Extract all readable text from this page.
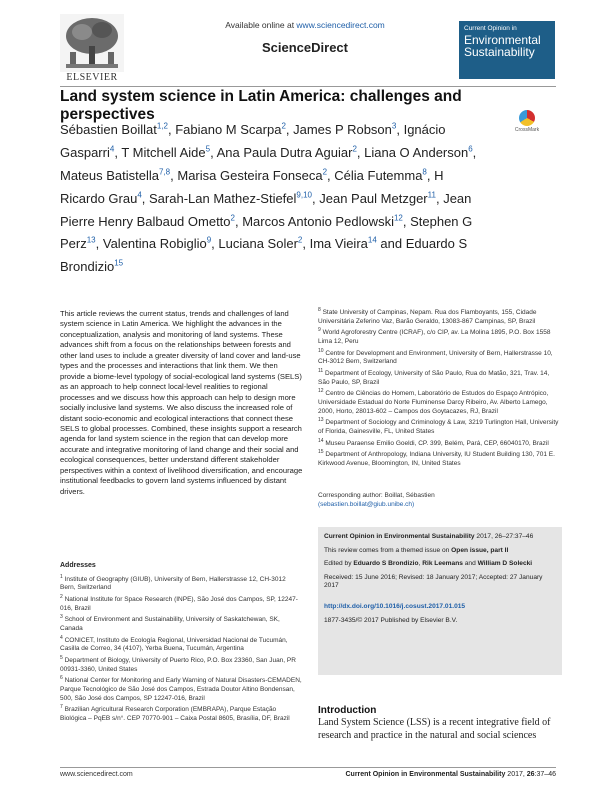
ELSEVIER
Available online at www.sciencedirect.com
ScienceDirect
Current Opinion in
Environmental
Sustainability
Land system science in Latin America: challenges and perspectives
CrossMark
Sébastien Boillat$^{1,2}$, Fabiano M Scarpa$^2$, James P Robson$^3$, Ignácio Gasparri$^4$, T Mitchell Aide$^5$, Ana Paula Dutra Aguiar$^2$, Liana O Anderson$^6$, Mateus Batistella$^{7,8}$, Marisa Gesteira Fonseca$^2$, Célia Futemma$^8$, H Ricardo Grau$^4$, Sarah-Lan Mathez-Stiefel$^{9,10}$, Jean Paul Metzger$^{11}$, Jean Pierre Henry Balbaud Ometto$^2$, Marcos Antonio Pedlowski$^{12}$, Stephen G Perz$^{13}$, Valentina Robiglio$^9$, Luciana Soler$^2$, Ima Vieira$^{14}$ and Eduardo S Brondizio$^{15}$
This article reviews the current status, trends and challenges of land system science in Latin America. We highlight the advances in the conceptualization, analysis and monitoring of land systems. These advances shift from a focus on the relationships between forests and other land uses to include a greater diversity of land cover and land-use types and the processes and interactions that link them. We then provide a biome-level typology of social-ecological land systems (SELS) as an approach to help connect local-level realities to regional processes and we discuss how this approach can help to design more socially inclusive land systems. We also discuss the increased role of distant socio-economic and ecological interactions that connect these SELS to global processes. Combined, these insights support a research agenda for land system science in the region that can develop more accurate and integrative monitoring of land change and their social and ecological consequences, better understand different stakeholder perspectives within a context of livelihood diversification, and encourage institutional feedbacks to govern land systems influenced by distant drivers.
Addresses
$^1$ Institute of Geography (GIUB), University of Bern, Hallerstrasse 12, CH-3012 Bern, Switzerland
$^2$ National Institute for Space Research (INPE), São José dos Campos, SP, 12247-016, Brazil
$^3$ School of Environment and Sustainability, University of Saskatchewan, SK, Canada
$^4$ CONICET, Instituto de Ecología Regional, Universidad Nacional de Tucumán, Casilla de Correo, 34 (4107), Yerba Buena, Tucumán, Argentina
$^5$ Department of Biology, University of Puerto Rico, P.O. Box 23360, San Juan, PR 00931-3360, United States
$^6$ National Center for Monitoring and Early Warning of Natural Disasters-CEMADEN, Parque Tecnológico de São José dos Campos, Estrada Doutor Altino Bondensan, 500, São José dos Campos, SP 12247-016, Brazil
$^7$ Brazilian Agricultural Research Corporation (EMBRAPA), Parque Estação Biológica – PqEB s/n°. CEP 70770-901 – Caixa Postal 8605, Brasília, DF, Brazil
$^8$ State University of Campinas, Nepam. Rua dos Flamboyants, 155, Cidade Universitária Zeferino Vaz, Barão Geraldo, 13083-867 Campinas, SP, Brazil
$^9$ World Agroforestry Centre (ICRAF), c/o CIP, av. La Molina 1895, P.O. Box 1558 Lima 12, Peru
$^{10}$ Centre for Development and Environment, University of Bern, Hallerstrasse 10, CH-3012 Bern, Switzerland
$^{11}$ Department of Ecology, University of São Paulo, Rua do Matão, 321, Trav. 14, São Paulo, SP, Brazil
$^{12}$ Centro de Ciências do Homem, Laboratório de Estudos do Espaço Antrópico, Universidade Estadual do Norte Fluminense Darcy Ribeiro, Av. Alberto Lamego, 2000, Horto, 28013-602 – Campos dos Goytacazes, RJ, Brazil
$^{13}$ Department of Sociology and Criminology & Law, 3219 Turlington Hall, University of Florida, Gainesville, FL, United States
$^{14}$ Museu Paraense Emilio Goeldi, CP. 399, Belém, Pará, CEP, 66040170, Brazil
$^{15}$ Department of Anthropology, Indiana University, IU Student Building 130, 701 E. Kirkwood Avenue, Bloomington, IN, United States
Corresponding author: Boillat, Sébastien
(sebastien.boillat@giub.unibe.ch)
Current Opinion in Environmental Sustainability 2017, 26–27:37–46
This review comes from a themed issue on Open issue, part II
Edited by Eduardo S Brondizio, Rik Leemans and William D Solecki
Received: 15 June 2016; Revised: 18 January 2017; Accepted: 27 January 2017
http://dx.doi.org/10.1016/j.cosust.2017.01.015
1877-3435/© 2017 Published by Elsevier B.V.
Introduction
Land System Science (LSS) is a recent integrative field of research and practice in the natural and social sciences
www.sciencedirect.com	Current Opinion in Environmental Sustainability 2017, 26:37–46
